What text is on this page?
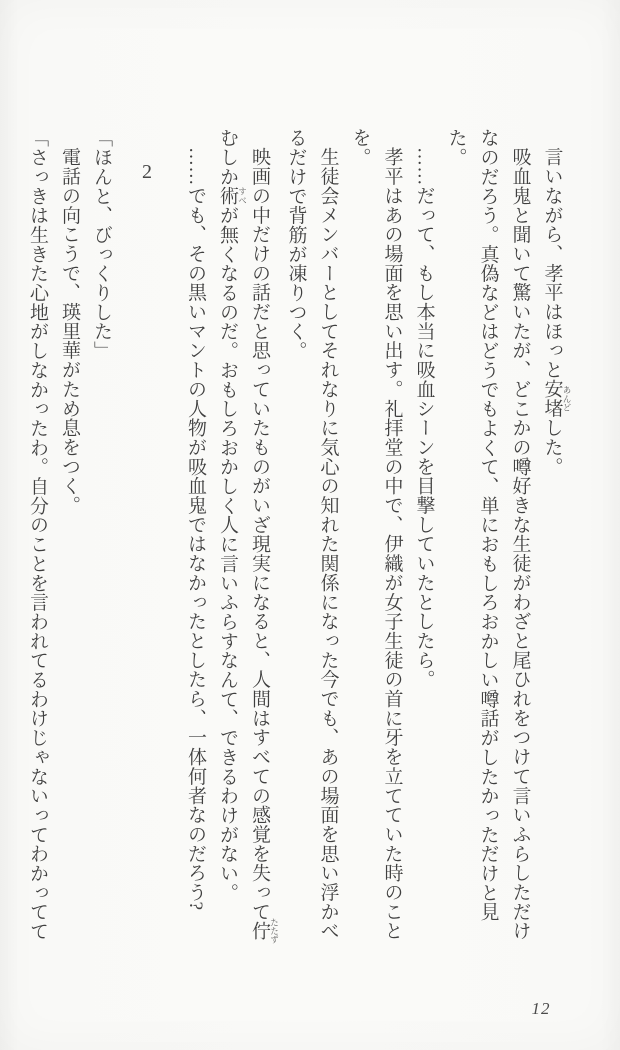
言いながら、孝平はほっと安堵 あんどした。

吸血鬼と聞いて驚いたが、どこかの噂好きな生徒がわざと尾ひれをつけて言いふらしただけなのだろう。真偽などはどうでもよくて、単におもしろおかしい噂話がしたかっただけと見た。

……だって、もし本当に吸血シーンを目撃していたとしたら。

孝平はあの場面を思い出す。礼拝堂の中で、伊織が女子生徒の首に牙を立てていた時のことを。

生徒会メンバーとしてそれなりに気心の知れた関係になった今でも、あの場面を思い浮かべるだけで背筋が凍りつく。

映画の中だけの話だと思っていたものがいざ現実になると、人間はすべての感覚を失って佇 たたずむしか術 すべが無くなるのだ。おもしろおかしく人に言いふらすなんて、できるわけがない。

……でも、その黒いマントの人物が吸血鬼ではなかったとしたら、一体何者なのだろう?

2

「ほんと、びっくりした」

電話の向こうで、瑛里華がため息をつく。

「さっきは生きた心地がしなかったわ。自分のことを言われてるわけじゃないってわかってて

12
